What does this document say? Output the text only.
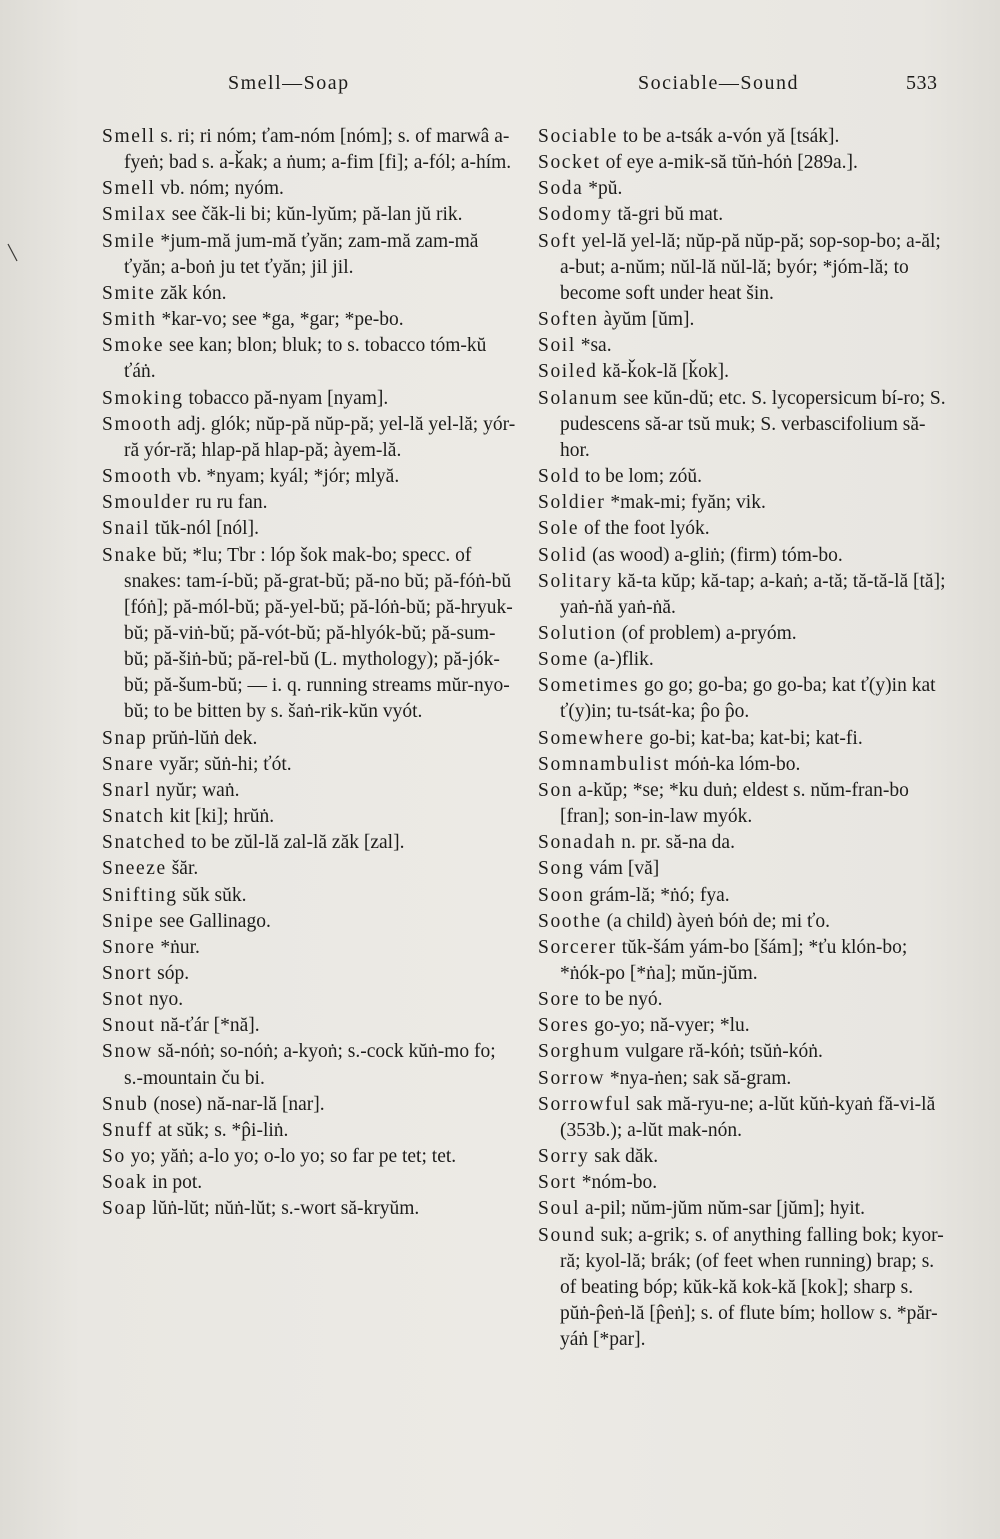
Smell—Soap	Sociable—Sound	533

Smell s. ri; ri nóm; ťam-nóm [nóm]; s. of marwâ a-fyeṅ; bad s. a-ǩak; a ṅum; a-fim [fi]; a-fól; a-hím.

Smell vb. nóm; nyóm.

Smilax see čăk-li bi; kŭn-lyŭm; pă-lan jŭ rik.

Smile *jum-mă jum-mă ťyăn; zam-mă zam-mă ťyăn; a-boṅ ju tet ťyăn; jil jil.

Smite zăk kón.

Smith *kar-vo; see *ga, *gar; *pe-bo.

Smoke see kan; blon; bluk; to s. tobacco tóm-kŭ ťáṅ.

Smoking tobacco pă-nyam [nyam].

Smooth adj. glók; nŭp-pă nŭp-pă; yel-lă yel-lă; yór-ră yór-ră; hlap-pă hlap-pă; àyem-lă.

Smooth vb. *nyam; kyál; *jór; mlyă.

Smoulder ru ru fan.

Snail tŭk-nól [nól].

Snake bŭ; *lu; Tbr : lóp šok mak-bo; specc. of snakes: tam-í-bŭ; pă-grat-bŭ; pă-no bŭ; pă-fóṅ-bŭ [fóṅ]; pă-mól-bŭ; pă-yel-bŭ; pă-lóṅ-bŭ; pă-hryuk-bŭ; pă-viṅ-bŭ; pă-vót-bŭ; pă-hlyók-bŭ; pă-sum-bŭ; pă-šiṅ-bŭ; pă-rel-bŭ (L. mythology); pă-jók-bŭ; pă-šum-bŭ; — i. q. running streams mŭr-nyo-bŭ; to be bitten by s. šaṅ-rik-kŭn vyót.

Snap prŭṅ-lŭṅ dek.

Snare vyăr; sŭṅ-hi; ťót.

Snarl nyŭr; waṅ.

Snatch kit [ki]; hrŭṅ.

Snatched to be zŭl-lă zal-lă zăk [zal].

Sneeze šăr.

Snifting sŭk sŭk.

Snipe see Gallinago.

Snore *ṅur.

Snort sóp.

Snot nyo.

Snout nă-ťár [*nă].

Snow să-nóṅ; so-nóṅ; a-kyoṅ; s.-cock kŭṅ-mo fo; s.-mountain ču bi.

Snub (nose) nă-nar-lă [nar].

Snuff at sŭk; s. *p̂i-liṅ.

So yo; yăṅ; a-lo yo; o-lo yo; so far pe tet; tet.

Soak in pot.

Soap lŭṅ-lŭt; nŭṅ-lŭt; s.-wort să-kryŭm.

Sociable to be a-tsák a-vón yă [tsák].

Socket of eye a-mik-să tŭṅ-hóṅ [289a.].

Soda *pŭ.

Sodomy tă-gri bŭ mat.

Soft yel-lă yel-lă; nŭp-pă nŭp-pă; sop-sop-bo; a-ăl; a-but; a-nŭm; nŭl-lă nŭl-lă; byór; *jóm-lă; to become soft under heat šin.

Soften àyŭm [ŭm].

Soil *sa.

Soiled kă-ǩok-lă [ǩok].

Solanum see kŭn-dŭ; etc. S. lycopersicum bí-ro; S. pudescens să-ar tsŭ muk; S. verbascifolium să-hor.

Sold to be lom; zóŭ.

Soldier *mak-mi; fyăn; vik.

Sole of the foot lyók.

Solid (as wood) a-gliṅ; (firm) tóm-bo.

Solitary kă-ta kŭp; kă-tap; a-kaṅ; a-tă; tă-tă-lă [tă]; yaṅ-ṅă yaṅ-ṅă.

Solution (of problem) a-pryóm.

Some (a-)flik.

Sometimes go go; go-ba; go go-ba; kat ť(y)in kat ť(y)in; tu-tsát-ka; p̂o p̂o.

Somewhere go-bi; kat-ba; kat-bi; kat-fi.

Somnambulist móṅ-ka lóm-bo.

Son a-kŭp; *se; *ku duṅ; eldest s. nŭm-fran-bo [fran]; son-in-law myók.

Sonadah n. pr. să-na da.

Song vám [vă]

Soon grám-lă; *ṅó; fya.

Soothe (a child) àyeṅ bóṅ de; mi ťo.

Sorcerer tŭk-šám yám-bo [šám]; *ťu klón-bo; *ṅók-po [*ṅa]; mŭn-jŭm.

Sore to be nyó.

Sores go-yo; nă-vyer; *lu.

Sorghum vulgare ră-kóṅ; tsŭṅ-kóṅ.

Sorrow *nya-ṅen; sak să-gram.

Sorrowful sak mă-ryu-ne; a-lŭt kŭṅ-kyaṅ fă-vi-lă (353b.); a-lŭt mak-nón.

Sorry sak dăk.

Sort *nóm-bo.

Soul a-pil; nŭm-jŭm nŭm-sar [jŭm]; hyit.

Sound suk; a-grik; s. of anything falling bok; kyor-ră; kyol-lă; brák; (of feet when running) brap; s. of beating bóp; kŭk-kă kok-kă [kok]; sharp s. pŭṅ-p̂eṅ-lă [p̂eṅ]; s. of flute bím; hollow s. *păr-yáṅ [*par].
